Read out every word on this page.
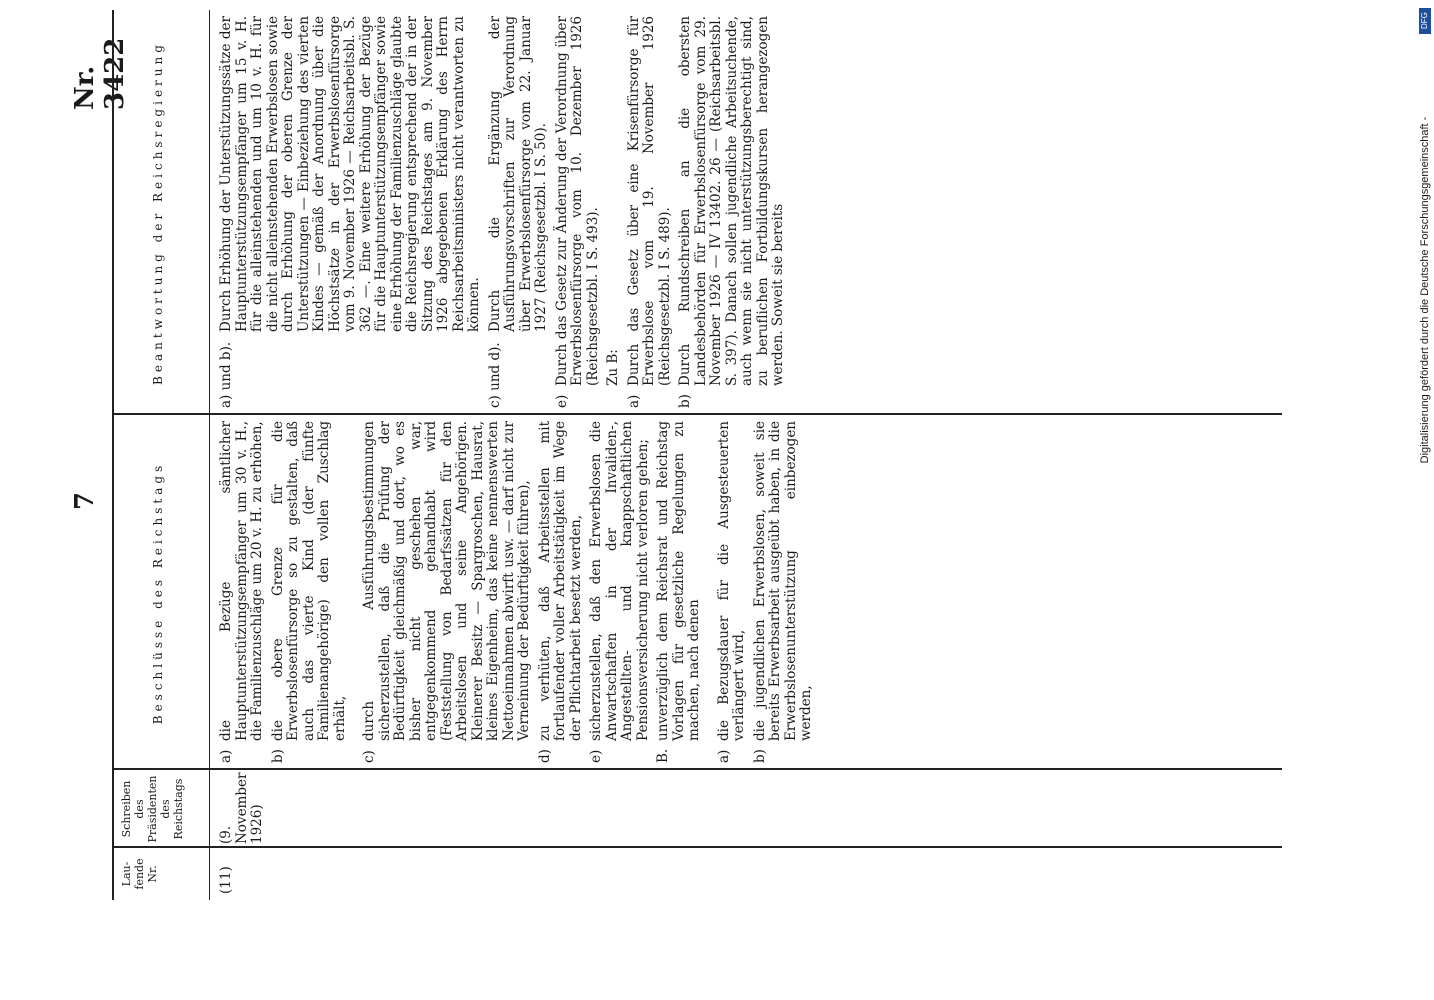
7
Nr. 3422
Lau-
fende
Nr.
Schreiben
des
Präsidenten
des
Reichstags
Beschlüsse des Reichstags
Beantwortung der Reichsregierung
(11)
(9. November 1926)
a)
die Bezüge sämtlicher Hauptunterstützungsempfänger um 30 v. H., die Familienzuschläge um 20 v. H. zu erhöhen,
b)
die obere Grenze für die Erwerbslosenfürsorge so zu gestalten, daß auch das vierte Kind (der fünfte Familienangehörige) den vollen Zuschlag erhält,
c)
durch Ausführungsbestimmungen sicherzustellen, daß die Prüfung der Bedürftigkeit gleichmäßig und dort, wo es bisher nicht geschehen war, entgegenkommend gehandhabt wird (Feststellung von Bedarfssätzen für den Arbeitslosen und seine Angehörigen. Kleinerer Besitz — Spargroschen, Hausrat, kleines Eigenheim, das keine nennenswerten Nettoeinnahmen abwirft usw. — darf nicht zur Verneinung der Bedürftigkeit führen),
d)
zu verhüten, daß Arbeitsstellen mit fortlaufender voller Arbeitstätigkeit im Wege der Pflichtarbeit besetzt werden,
e)
sicherzustellen, daß den Erwerbslosen die Anwartschaften in der Invaliden-, Angestellten- und knappschaftlichen Pensionsversicherung nicht verloren gehen;
B.
unverzüglich dem Reichsrat und Reichstag Vorlagen für gesetzliche Regelungen zu machen, nach denen
a)
die Bezugsdauer für die Ausgesteuerten verlängert wird,
b)
die jugendlichen Erwerbslosen, soweit sie bereits Erwerbsarbeit ausgeübt haben, in die Erwerbslosenunterstützung einbezogen werden,
a) und b).
Durch Erhöhung der Unterstützungssätze der Hauptunterstützungsempfänger um 15 v. H. für die alleinstehenden und um 10 v. H. für die nicht alleinstehenden Erwerbslosen sowie durch Erhöhung der oberen Grenze der Unterstützungen — Einbeziehung des vierten Kindes — gemäß der Anordnung über die Höchstsätze in der Erwerbslosenfürsorge vom 9. November 1926 — Reichsarbeitsbl. S. 362 —. Eine weitere Erhöhung der Bezüge für die Hauptunterstützungsempfänger sowie eine Erhöhung der Familienzuschläge glaubte die Reichsregierung entsprechend der in der Sitzung des Reichstages am 9. November 1926 abgegebenen Erklärung des Herrn Reichsarbeitsministers nicht verantworten zu können.
c) und d).
Durch die Ergänzung der Ausführungsvorschriften zur Verordnung über Erwerbslosenfürsorge vom 22. Januar 1927 (Reichsgesetzbl. I S. 50).
e)
Durch das Gesetz zur Änderung der Verordnung über Erwerbslosenfürsorge vom 10. Dezember 1926 (Reichsgesetzbl. I S. 493). Zu B:
a)
Durch das Gesetz über eine Krisenfürsorge für Erwerbslose vom 19. November 1926 (Reichsgesetzbl. I S. 489).
b)
Durch Rundschreiben an die obersten Landesbehörden für Erwerbslosenfürsorge vom 29. November 1926 — IV 13402. 26 — (Reichsarbeitsbl. S. 397). Danach sollen jugendliche Arbeitsuchende, auch wenn sie nicht unterstützungsberechtigt sind, zu beruflichen Fortbildungskursen herangezogen werden. Soweit sie bereits
DFG
Digitalisierung gefördert durch die Deutsche Forschungsgemeinschaft -
